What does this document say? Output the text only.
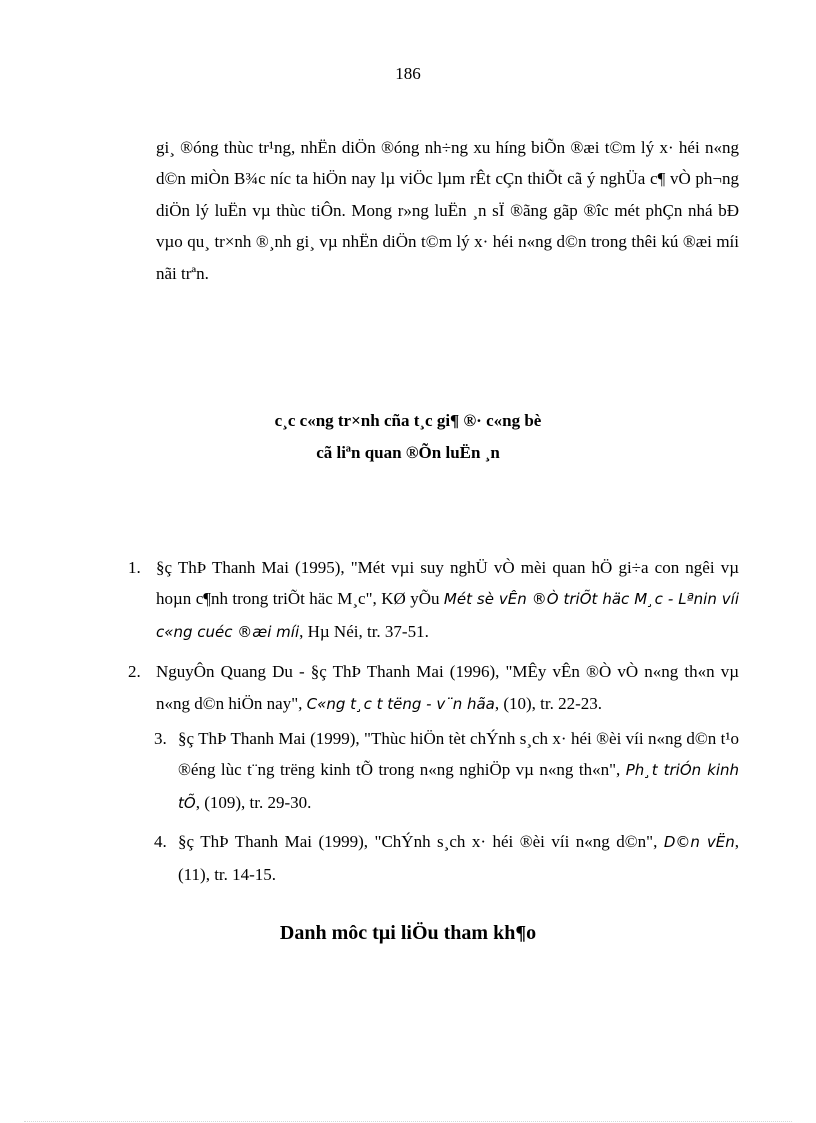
186

gi¸ ®óng thùc tr¹ng, nhËn diÖn ®óng nh÷ng xu híng biÕn ®æi t©m lý x· héi n«ng d©n miÒn B¾c níc ta hiÖn nay lµ viÖc lµm rÊt cÇn thiÕt cã ý nghÜa c¶ vÒ ph¬ng diÖn lý luËn vµ thùc tiÔn. Mong r»ng luËn ¸n sÏ ®ãng gãp ®îc mét phÇn nhá bÐ vµo qu¸ tr×nh ®¸nh gi¸ vµ nhËn diÖn t©m lý x· héi n«ng d©n trong thêi kú ®æi míi nãi trªn.

c¸c c«ng tr×nh cña t¸c gi¶ ®· c«ng bè
cã liªn quan ®Õn luËn ¸n

1. §ç ThÞ Thanh Mai (1995), "Mét vµi suy nghÜ vÒ mèi quan hÖ gi÷a con ngêi vµ hoµn c¶nh trong triÕt häc M¸c", KØ yÕu Mét sè vÊn ®Ò triÕt häc M¸c - Lªnin víi c«ng cuéc ®æi míi, Hµ Néi, tr. 37-51.

2. NguyÔn Quang Du - §ç ThÞ Thanh Mai (1996), "MÊy vÊn ®Ò vÒ n«ng th«n vµ n«ng d©n hiÖn nay", C«ng t¸c t tëng - v¨n hãa, (10), tr. 22-23.

3. §ç ThÞ Thanh Mai (1999), "Thùc hiÖn tèt chÝnh s¸ch x· héi ®èi víi n«ng d©n t¹o ®éng lùc t¨ng trëng kinh tÕ trong n«ng nghiÖp vµ n«ng th«n", Ph¸t triÓn kinh tÕ, (109), tr. 29-30.

4. §ç ThÞ Thanh Mai (1999), "ChÝnh s¸ch x· héi ®èi víi n«ng d©n", D©n vËn, (11), tr. 14-15.

Danh môc tµi liÖu tham kh¶o
